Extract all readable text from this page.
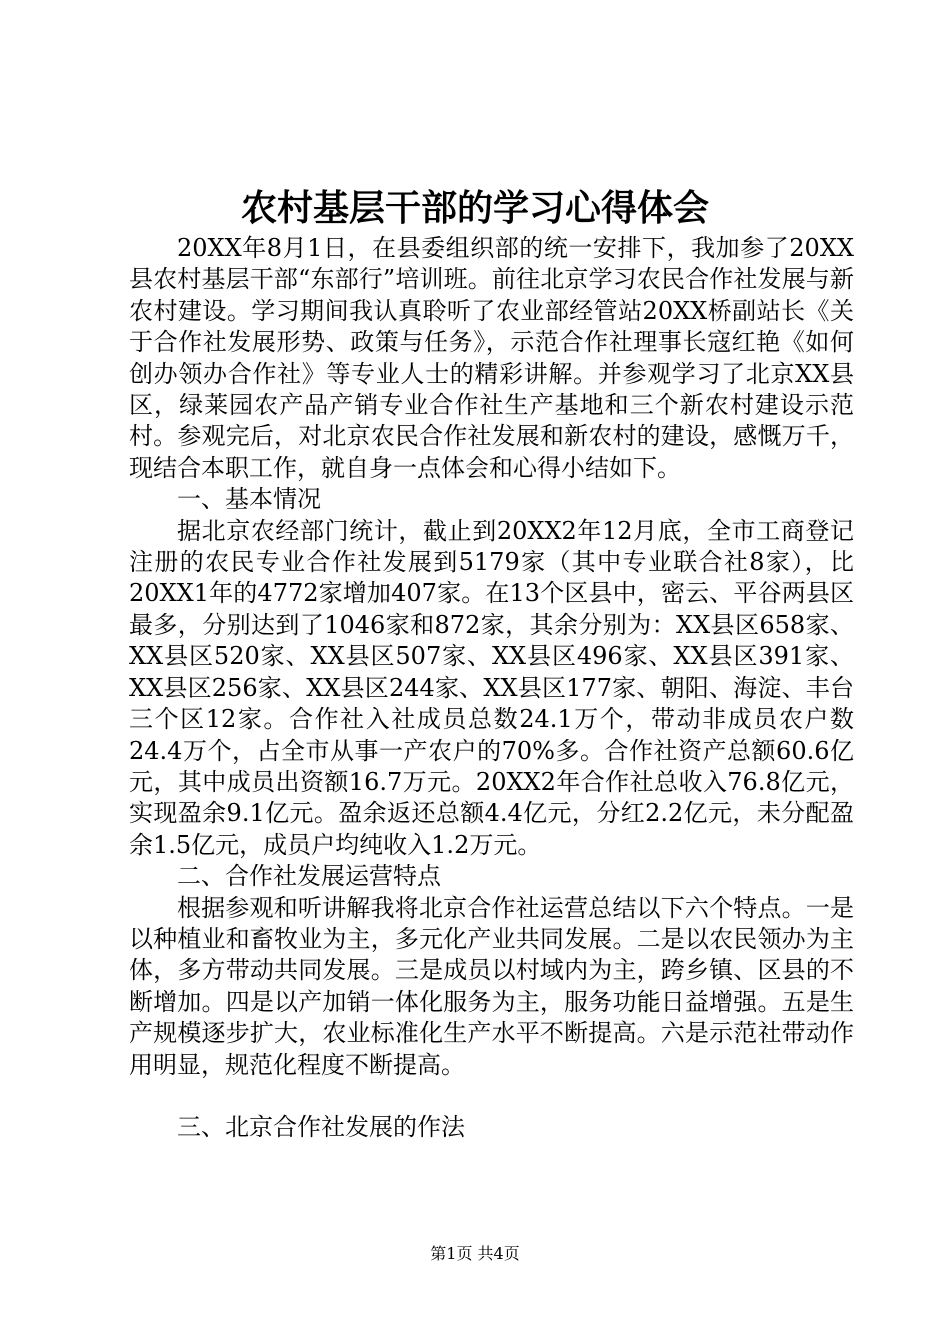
农村基层干部的学习心得体会

20XX年8月1日，在县委组织部的统一安排下，我加参了20XX县农村基层干部“东部行”培训班。前往北京学习农民合作社发展与新农村建设。学习期间我认真聆听了农业部经管站20XX桥副站长《关于合作社发展形势、政策与任务》，示范合作社理事长寇红艳《如何创办领办合作社》等专业人士的精彩讲解。并参观学习了北京XX县区，绿莱园农产品产销专业合作社生产基地和三个新农村建设示范村。参观完后，对北京农民合作社发展和新农村的建设，感慨万千，现结合本职工作，就自身一点体会和心得小结如下。

一、基本情况

据北京农经部门统计，截止到20XX2年12月底，全市工商登记注册的农民专业合作社发展到5179家（其中专业联合社8家），比20XX1年的4772家增加407家。在13个区县中，密云、平谷两县区最多，分别达到了1046家和872家，其余分别为：XX县区658家、XX县区520家、XX县区507家、XX县区496家、XX县区391家、XX县区256家、XX县区244家、XX县区177家、朝阳、海淀、丰台三个区12家。合作社入社成员总数24.1万个，带动非成员农户数24.4万个，占全市从事一产农户的70%多。合作社资产总额60.6亿元，其中成员出资额16.7万元。20XX2年合作社总收入76.8亿元，实现盈余9.1亿元。盈余返还总额4.4亿元，分红2.2亿元，未分配盈余1.5亿元，成员户均纯收入1.2万元。

二、合作社发展运营特点

根据参观和听讲解我将北京合作社运营总结以下六个特点。一是以种植业和畜牧业为主，多元化产业共同发展。二是以农民领办为主体，多方带动共同发展。三是成员以村域内为主，跨乡镇、区县的不断增加。四是以产加销一体化服务为主，服务功能日益增强。五是生产规模逐步扩大，农业标准化生产水平不断提高。六是示范社带动作用明显，规范化程度不断提高。

三、北京合作社发展的作法

第1页 共4页
